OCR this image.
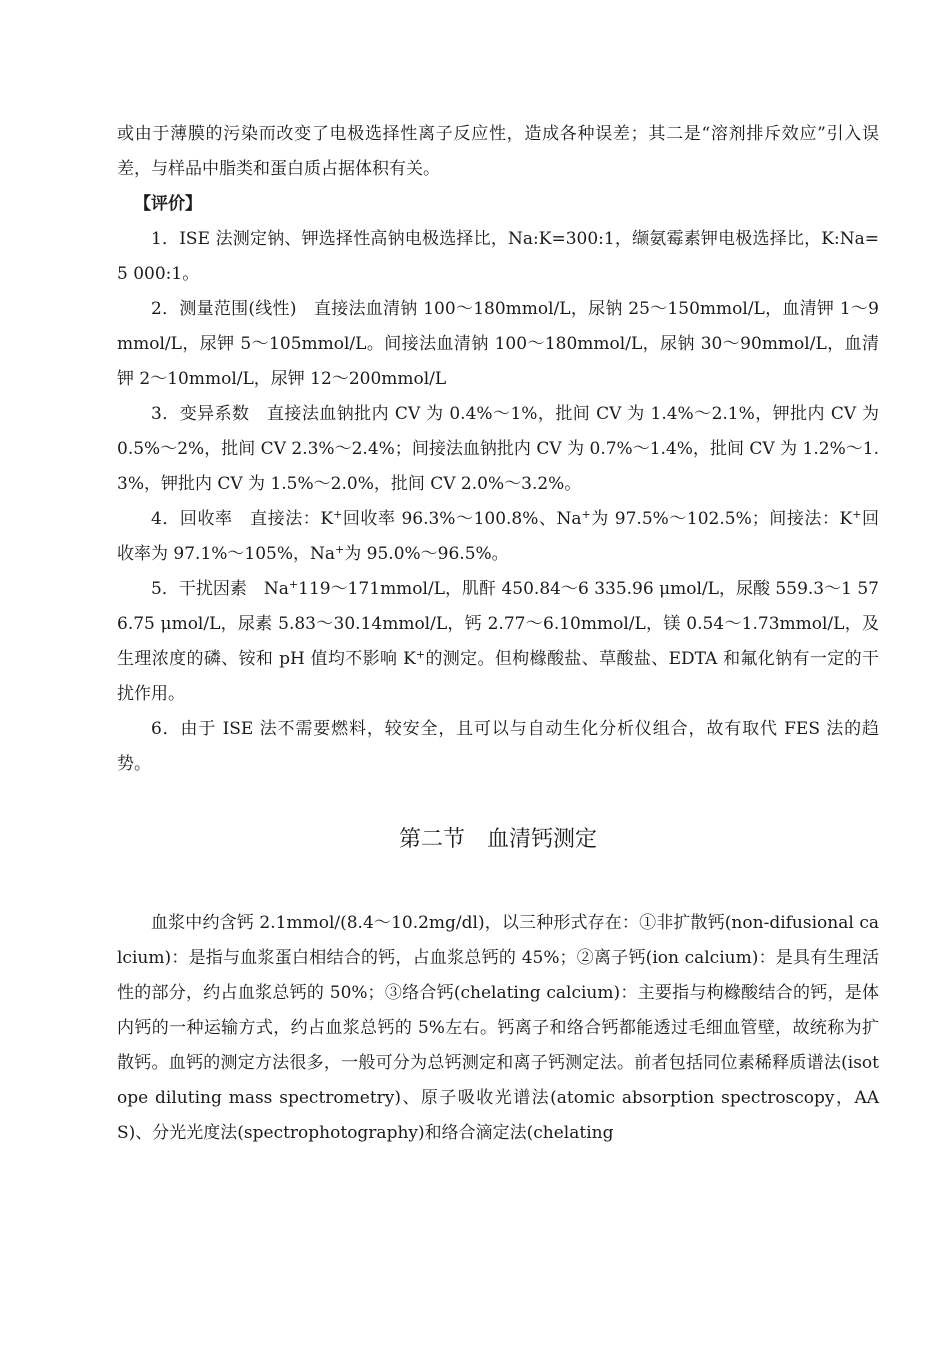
或由于薄膜的污染而改变了电极选择性离子反应性，造成各种误差；其二是“溶剂排斥效应”引入误差，与样品中脂类和蛋白质占据体积有关。

【评价】

1．ISE 法测定钠、钾选择性高钠电极选择比，Na:K=300:1，缬氨霉素钾电极选择比，K:Na=5 000:1。

2．测量范围(线性)　直接法血清钠 100～180mmol/L，尿钠 25～150mmol/L，血清钾 1～9mmol/L，尿钾 5～105mmol/L。间接法血清钠 100～180mmol/L，尿钠 30～90mmol/L，血清钾 2～10mmol/L，尿钾 12～200mmol/L

3．变异系数　直接法血钠批内 CV 为 0.4%～1%，批间 CV 为 1.4%～2.1%，钾批内 CV 为 0.5%～2%，批间 CV 2.3%～2.4%；间接法血钠批内 CV 为 0.7%～1.4%，批间 CV 为 1.2%～1.3%，钾批内 CV 为 1.5%～2.0%，批间 CV 2.0%～3.2%。

4．回收率　直接法：K+回收率 96.3%～100.8%、Na+为 97.5%～102.5%；间接法：K+回收率为 97.1%～105%，Na+为 95.0%～96.5%。

5．干扰因素　Na+119～171mmol/L，肌酐 450.84～6 335.96 μmol/L，尿酸 559.3～1 576.75 μmol/L，尿素 5.83～30.14mmol/L，钙 2.77～6.10mmol/L，镁 0.54～1.73mmol/L，及生理浓度的磷、铵和 pH 值均不影响 K+的测定。但枸橼酸盐、草酸盐、EDTA 和氟化钠有一定的干扰作用。

6．由于 ISE 法不需要燃料，较安全，且可以与自动生化分析仪组合，故有取代 FES 法的趋势。

第二节　血清钙测定

血浆中约含钙 2.1mmol/(8.4～10.2mg/dl)，以三种形式存在：①非扩散钙(non-difusional calcium)：是指与血浆蛋白相结合的钙，占血浆总钙的 45%；②离子钙(ion calcium)：是具有生理活性的部分，约占血浆总钙的 50%；③络合钙(chelating calcium)：主要指与枸橼酸结合的钙，是体内钙的一种运输方式，约占血浆总钙的 5%左右。钙离子和络合钙都能透过毛细血管壁，故统称为扩散钙。血钙的测定方法很多，一般可分为总钙测定和离子钙测定法。前者包括同位素稀释质谱法(isotope diluting mass spectrometry)、原子吸收光谱法(atomic absorption spectroscopy，AAS)、分光光度法(spectrophotography)和络合滴定法(chelating
